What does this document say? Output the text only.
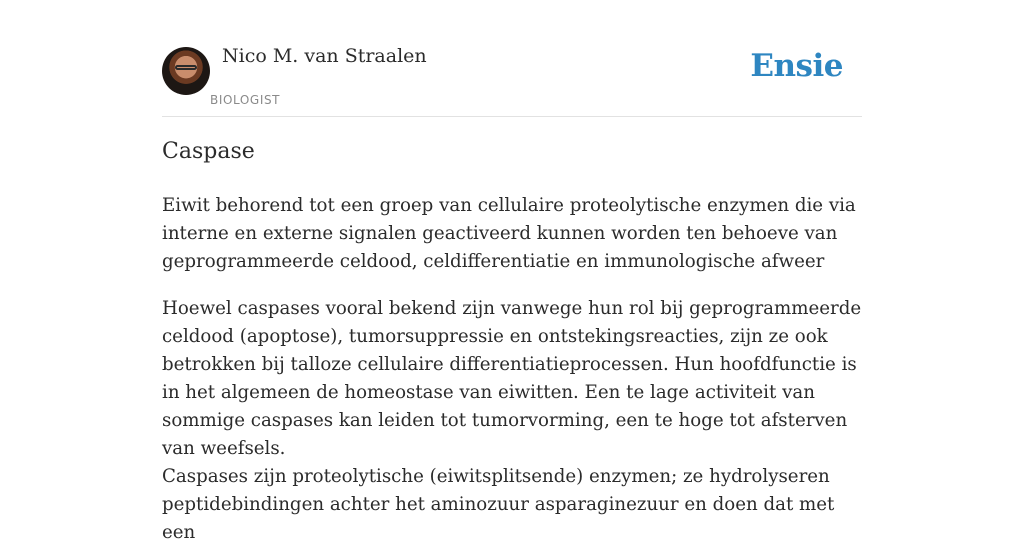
Nico M. van Straalen
BIOLOGIST
Ensie
Caspase

Eiwit behorend tot een groep van cellulaire proteolytische enzymen die via interne en externe signalen geactiveerd kunnen worden ten behoeve van geprogrammeerde celdood, celdifferentiatie en immunologische afweer

Hoewel caspases vooral bekend zijn vanwege hun rol bij geprogrammeerde celdood (apoptose), tumorsuppressie en ontstekingsreacties, zijn ze ook betrokken bij talloze cellulaire differentiatieprocessen. Hun hoofdfunctie is in het algemeen de homeostase van eiwitten. Een te lage activiteit van sommige caspases kan leiden tot tumorvorming, een te hoge tot afsterven van weefsels.

Caspases zijn proteolytische (eiwitsplitsende) enzymen; ze hydrolyseren peptidebindingen achter het aminozuur asparaginezuur en doen dat met een
